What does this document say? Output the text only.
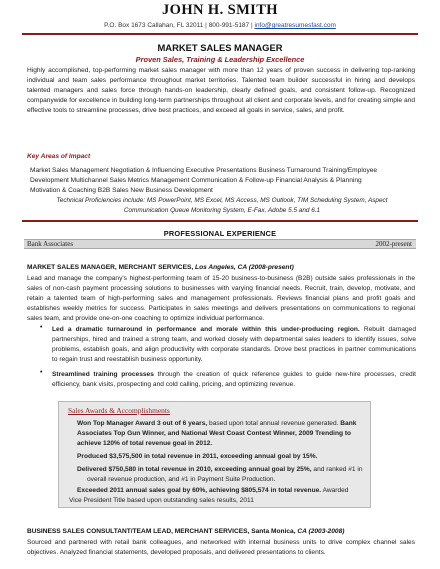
JOHN H. SMITH
P.O. Box 1673 Callahan, FL 32011 | 800-991-5187 | info@greatresumesfast.com
MARKET SALES MANAGER
Proven Sales, Training & Leadership Excellence
Highly accomplished, top-performing market sales manager with more than 12 years of proven success in delivering top-ranking individual and team sales performance throughout market territories. Talented team builder successful in hiring and develops talented managers and sales force through hands-on leadership, clearly defined goals, and consistent follow-up. Recognized companywide for excellence in building long-term partnerships throughout all client and corporate levels, and for creating simple and effective tools to streamline processes, drive best practices, and exceed all goals in service, sales, and profit.
Key Areas of Impact
Market Sales Management Negotiation & Influencing Executive Presentations Business Turnaround Training/Employee
Development Multichannel Sales Metrics Management Communication & Follow-up Financial Analysis & Planning
Motivation & Coaching B2B Sales New Business Development
Technical Proficiencies include: MS PowerPoint, MS Excel, MS Access, MS Outlook, TIM Scheduling System, Aspect
Communication Queue Monitoring System, E-Fax, Adobe 5.5 and 6.1
PROFESSIONAL EXPERIENCE
Bank Associates	2002-present
MARKET SALES MANAGER, MERCHANT SERVICES, Los Angeles, CA (2008-present)
Lead and manage the company's highest-performing team of 15-20 business-to-business (B2B) outside sales professionals in the sales of non-cash payment processing solutions to businesses with varying financial needs. Recruit, train, develop, motivate, and retain a talented team of high-performing sales and management professionals. Reviews financial plans and profit goals and establishes weekly metrics for success. Participates in sales meetings and delivers presentations on communications to regional sales team, and provide one-on-one coaching to optimize individual performance.
• Led a dramatic turnaround in performance and morale within this under-producing region. Rebuilt damaged partnerships, hired and trained a strong team, and worked closely with departmental sales leaders to identify issues, solve problems, establish goals, and align productivity with corporate standards. Drove best practices in partner communications to regain trust and reestablish business opportunity.
• Streamlined training processes through the creation of quick reference guides to guide new-hire processes, credit efficiency, bank visits, prospecting and cold calling, pricing, and optimizing revenue.
Sales Awards & Accomplishments
Won Top Manager Award 3 out of 6 years, based upon total annual revenue generated. Bank
Associates Top Gun Winner, and National West Coast Contest Winner, 2009 Trending to
achieve 120% of total revenue goal in 2012.
Produced $3,575,500 in total revenue in 2011, exceeding annual goal by 15%.
Delivered $750,580 in total revenue in 2010, exceeding annual goal by 25%, and ranked #1 in
overall revenue production, and #1 in Payment Suite Production.
Exceeded 2011 annual sales goal by 60%, achieving $805,574 in total revenue. Awarded
Vice President Title based upon outstanding sales results, 2011
BUSINESS SALES CONSULTANT/TEAM LEAD, MERCHANT SERVICES, Santa Monica, CA (2003-2008)
Sourced and partnered with retail bank colleagues, and networked with internal business units to drive complex channel sales objectives. Analyzed financial statements, developed proposals, and delivered presentations to clients.
